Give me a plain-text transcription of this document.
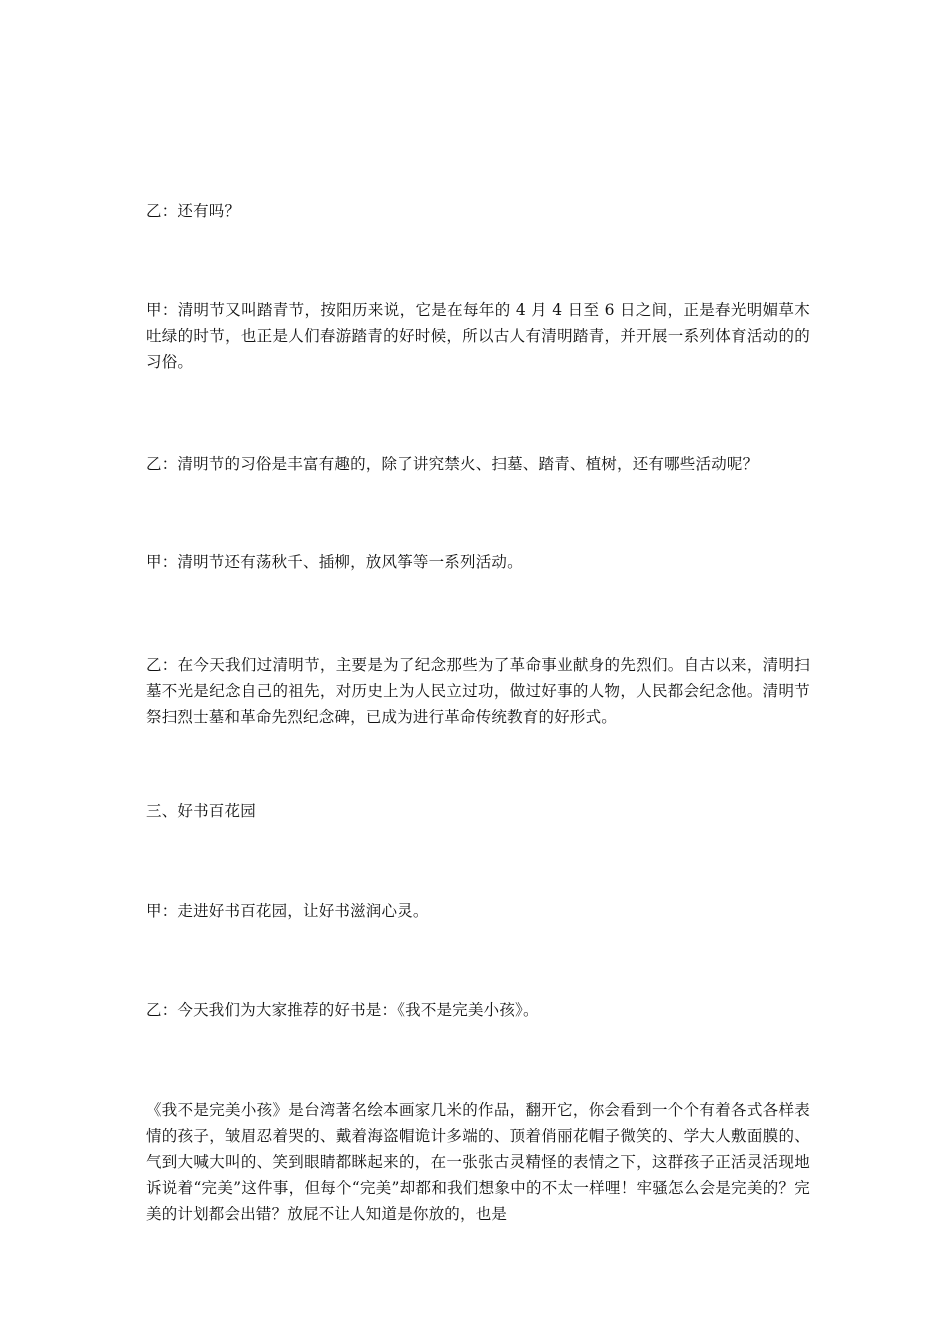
乙：还有吗？

甲：清明节又叫踏青节，按阳历来说，它是在每年的 4 月 4 日至 6 日之间，正是春光明媚草木吐绿的时节，也正是人们春游踏青的好时候，所以古人有清明踏青，并开展一系列体育活动的的习俗。

乙：清明节的习俗是丰富有趣的，除了讲究禁火、扫墓、踏青、植树，还有哪些活动呢？

甲：清明节还有荡秋千、插柳，放风筝等一系列活动。

乙：在今天我们过清明节，主要是为了纪念那些为了革命事业献身的先烈们。自古以来，清明扫墓不光是纪念自己的祖先，对历史上为人民立过功，做过好事的人物，人民都会纪念他。清明节祭扫烈士墓和革命先烈纪念碑，已成为进行革命传统教育的好形式。

三、好书百花园

甲：走进好书百花园，让好书滋润心灵。

乙：今天我们为大家推荐的好书是：《我不是完美小孩》。

《我不是完美小孩》是台湾著名绘本画家几米的作品，翻开它，你会看到一个个有着各式各样表情的孩子，皱眉忍着哭的、戴着海盗帽诡计多端的、顶着俏丽花帽子微笑的、学大人敷面膜的、气到大喊大叫的、笑到眼睛都眯起来的，在一张张古灵精怪的表情之下，这群孩子正活灵活现地诉说着“完美”这件事，但每个“完美”却都和我们想象中的不太一样哩！牢骚怎么会是完美的？完美的计划都会出错？放屁不让人知道是你放的，也是
